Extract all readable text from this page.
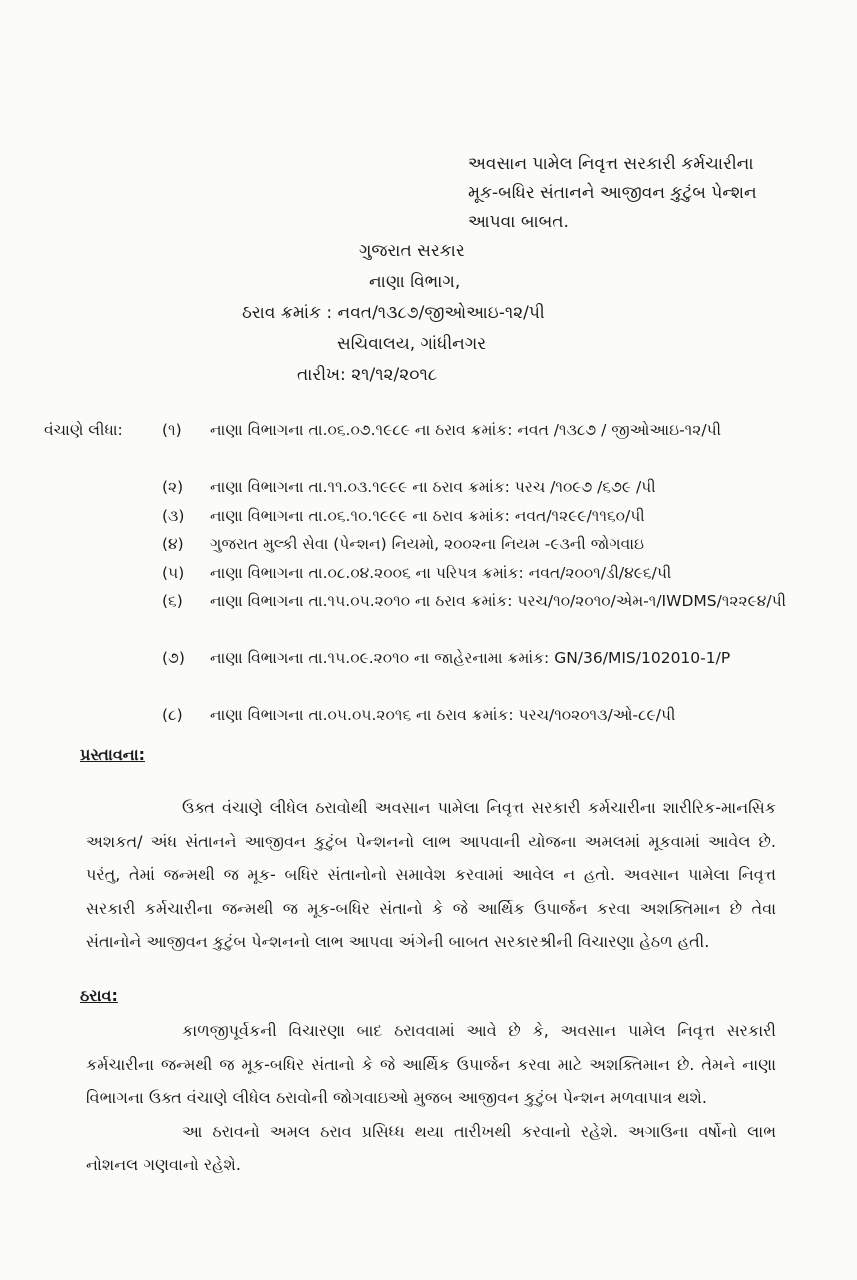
અવસાન પામેલ નિવૃત્ત સરકારી કર્મચારીના
મૂક-બધિર સંતાનને આજીવન કુટુંબ પેન્શન
આપવા બાબત.
ગુજરાત સરકાર
નાણા વિભાગ,
ઠરાવ ક્રમાંક : નવત/૧૩૮૭/જીઓઆઇ-૧૨/પી
સચિવાલય, ગાંધીનગર
તારીખ: ૨૧/૧૨/૨૦૧૮
વંચાણે લીધા:	(૧) નાણા વિભાગના તા.૦૬.૦૭.૧૯૮૯ ના ઠરાવ ક્રમાંક: નવત /૧૩૮૭ / જીઓઆઇ-૧૨/પી
(૨) નાણા વિભાગના તા.૧૧.૦૩.૧૯૯૯ ના ઠરાવ ક્રમાંક: પરચ /૧૦૯૭ /૬૭૯ /પી
(૩) નાણા વિભાગના તા.૦૬.૧૦.૧૯૯૯ ના ઠરાવ ક્રમાંક: નવત/૧૨૯૯/૧૧૬૦/પી
(૪) ગુજરાત મુલ્કી સેવા (પેન્શન) નિયમો, ૨૦૦૨ના નિયમ -૯૩ની જોગવાઇ
(૫) નાણા વિભાગના તા.૦૮.૦૪.૨૦૦૬ ના પરિપત્ર ક્રમાંક: નવત/૨૦૦૧/ડી/૪૯૬/પી
(૬) નાણા વિભાગના તા.૧૫.૦૫.૨૦૧૦ ના ઠરાવ ક્રમાંક: પરચ/૧૦/૨૦૧૦/એમ-૧/IWDMS/૧૨૨૯૪/પી
(૭) નાણા વિભાગના તા.૧૫.૦૯.૨૦૧૦ ના જાહેરનામા ક્રમાંક: GN/36/MIS/102010-1/P
(૮) નાણા વિભાગના તા.૦૫.૦૫.૨૦૧૬ ના ઠરાવ ક્રમાંક: પરચ/૧૦૨૦૧૩/ઓ-૮૯/પી
પ્રસ્તાવના:

ઉક્ત વંચાણે લીધેલ ઠરાવોથી અવસાન પામેલા નિવૃત્ત સરકારી કર્મચારીના શારીરિક-માનસિક અશકત/ અંધ સંતાનને આજીવન કુટુંબ પેન્શનનો લાભ આપવાની યોજના અમલમાં મૂકવામાં આવેલ છે. પરંતુ, તેમાં જન્મથી જ મૂક- બધિર સંતાનોનો સમાવેશ કરવામાં આવેલ ન હતો. અવસાન પામેલા નિવૃત્ત સરકારી કર્મચારીના જન્મથી જ મૂક-બધિર સંતાનો કે જે આર્થિક ઉપાર્જન કરવા અશક્તિમાન છે તેવા સંતાનોને આજીવન કુટુંબ પેન્શનનો લાભ આપવા અંગેની બાબત સરકારશ્રીની વિચારણા હેઠળ હતી.

ઠરાવ:

કાળજીપૂર્વકની વિચારણા બાદ ઠરાવવામાં આવે છે કે, અવસાન પામેલ નિવૃત્ત સરકારી કર્મચારીના જન્મથી જ મૂક-બધિર સંતાનો કે જે આર્થિક ઉપાર્જન કરવા માટે અશક્તિમાન છે. તેમને નાણા વિભાગના ઉક્ત વંચાણે લીધેલ ઠરાવોની જોગવાઇઓ મુજબ આજીવન કુટુંબ પેન્શન મળવાપાત્ર થશે.

આ ઠરાવનો અમલ ઠરાવ પ્રસિધ્ધ થયા તારીખથી કરવાનો રહેશે. અગાઉના વર્ષોનો લાભ નોશનલ ગણવાનો રહેશે.
